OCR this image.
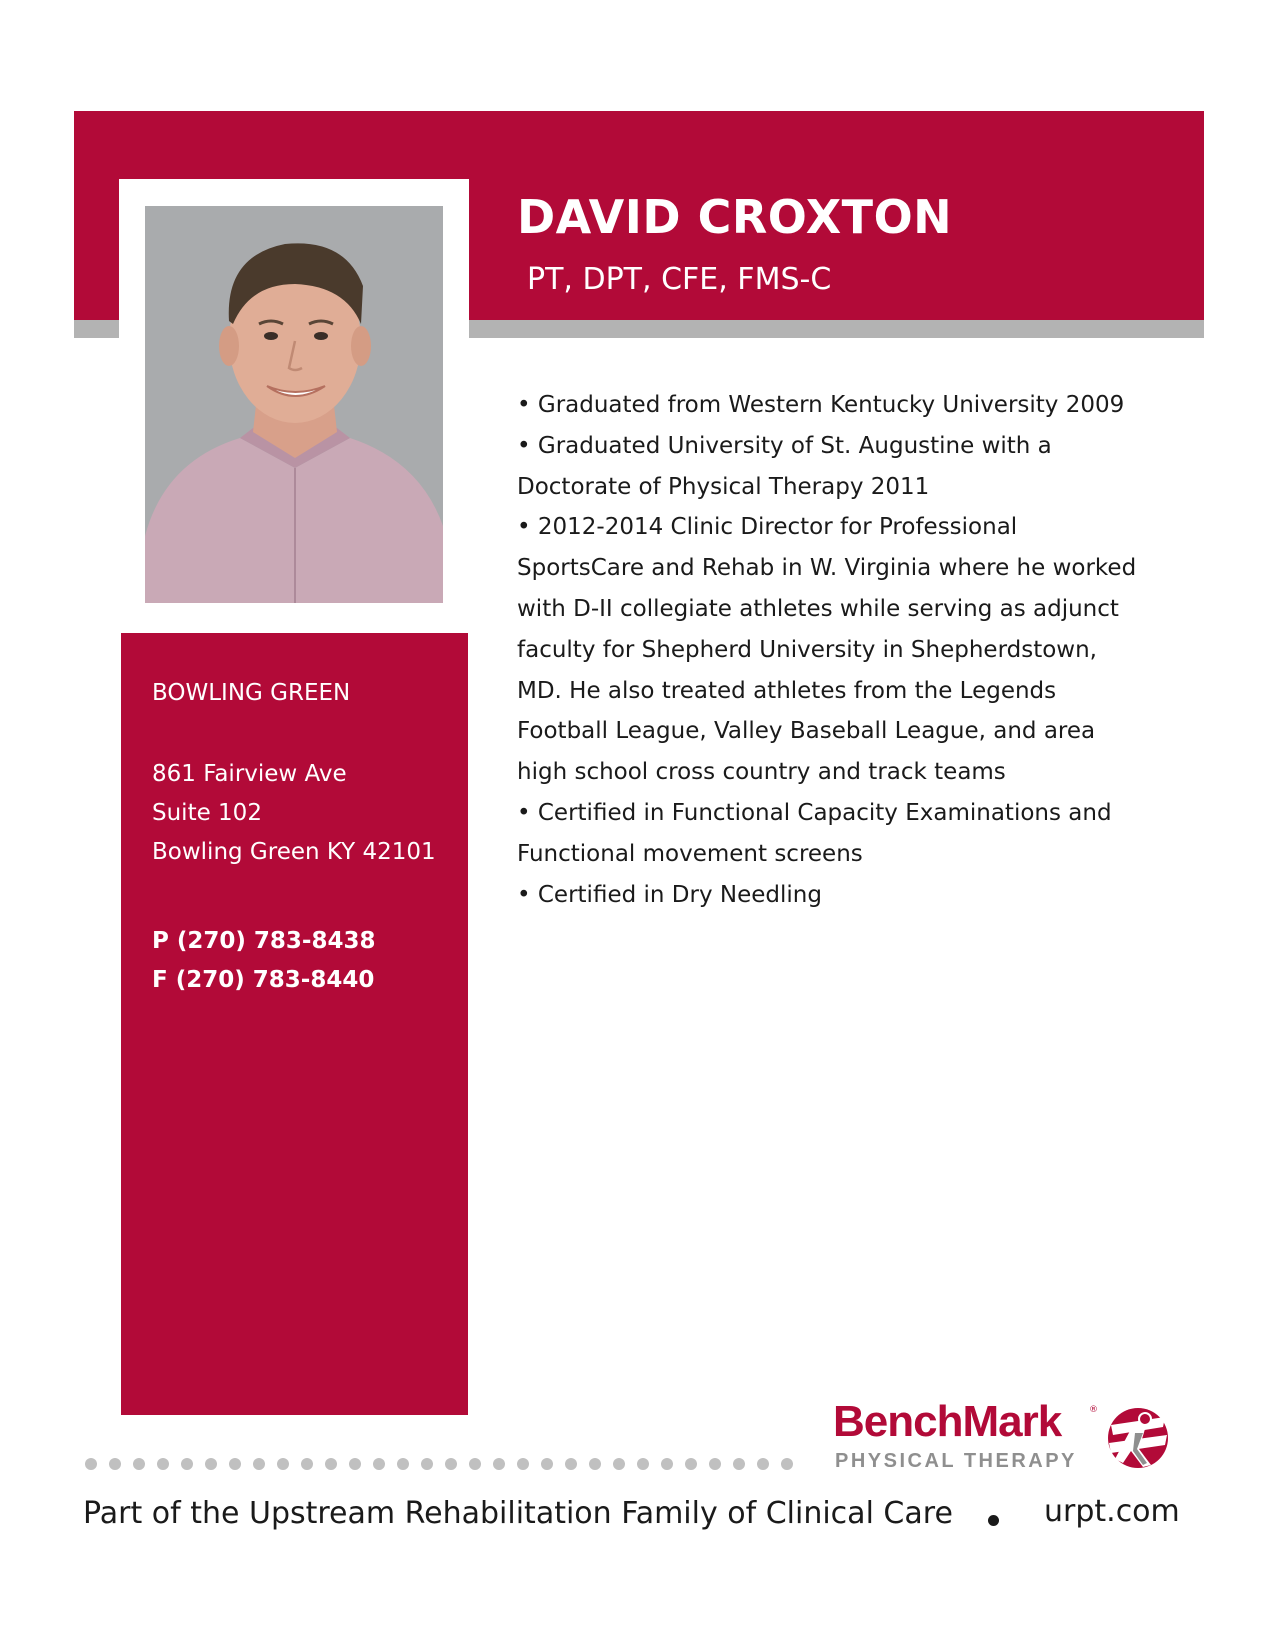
DAVID CROXTON
PT, DPT, CFE, FMS-C
BOWLING GREEN
861 Fairview Ave
Suite 102
Bowling Green KY 42101
P (270) 783-8438
F (270) 783-8440

• Graduated from Western Kentucky University 2009

• Graduated University of St. Augustine with a Doctorate of Physical Therapy 2011

• 2012-2014 Clinic Director for Professional SportsCare and Rehab in W. Virginia where he worked with D-II collegiate athletes while serving as adjunct faculty for Shepherd University in Shepherdstown, MD. He also treated athletes from the Legends Football League, Valley Baseball League, and area high school cross country and track teams

• Certified in Functional Capacity Examinations and Functional movement screens

• Certified in Dry Needling

BenchMark	®
PHYSICAL THERAPY
Part of the Upstream Rehabilitation Family of Clinical Care	urpt.com
